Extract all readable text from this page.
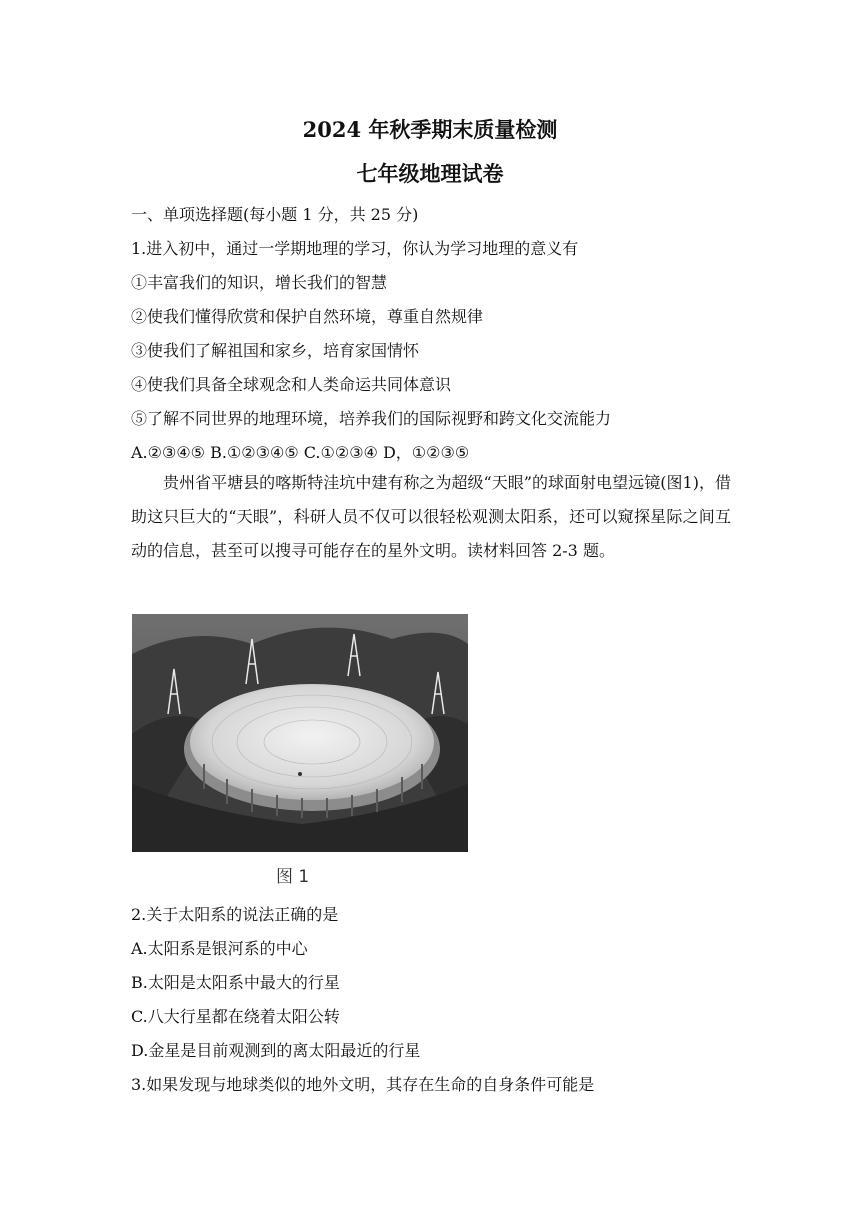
2024 年秋季期末质量检测
七年级地理试卷
一、单项选择题(每小题 1 分，共 25 分)
1.进入初中，通过一学期地理的学习，你认为学习地理的意义有
①丰富我们的知识，增长我们的智慧
②使我们懂得欣赏和保护自然环境，尊重自然规律
③使我们了解祖国和家乡，培育家国情怀
④使我们具备全球观念和人类命运共同体意识
⑤了解不同世界的地理环境，培养我们的国际视野和跨文化交流能力
A.②③④⑤ B.①②③④⑤ C.①②③④ D，①②③⑤
贵州省平塘县的喀斯特洼坑中建有称之为超级“天眼”的球面射电望远镜(图1)，借助这只巨大的“天眼”，科研人员不仅可以很轻松观测太阳系，还可以窥探星际之间互动的信息，甚至可以搜寻可能存在的星外文明。读材料回答 2-3 题。
图 1
2.关于太阳系的说法正确的是
A.太阳系是银河系的中心
B.太阳是太阳系中最大的行星
C.八大行星都在绕着太阳公转
D.金星是目前观测到的离太阳最近的行星
3.如果发现与地球类似的地外文明，其存在生命的自身条件可能是
